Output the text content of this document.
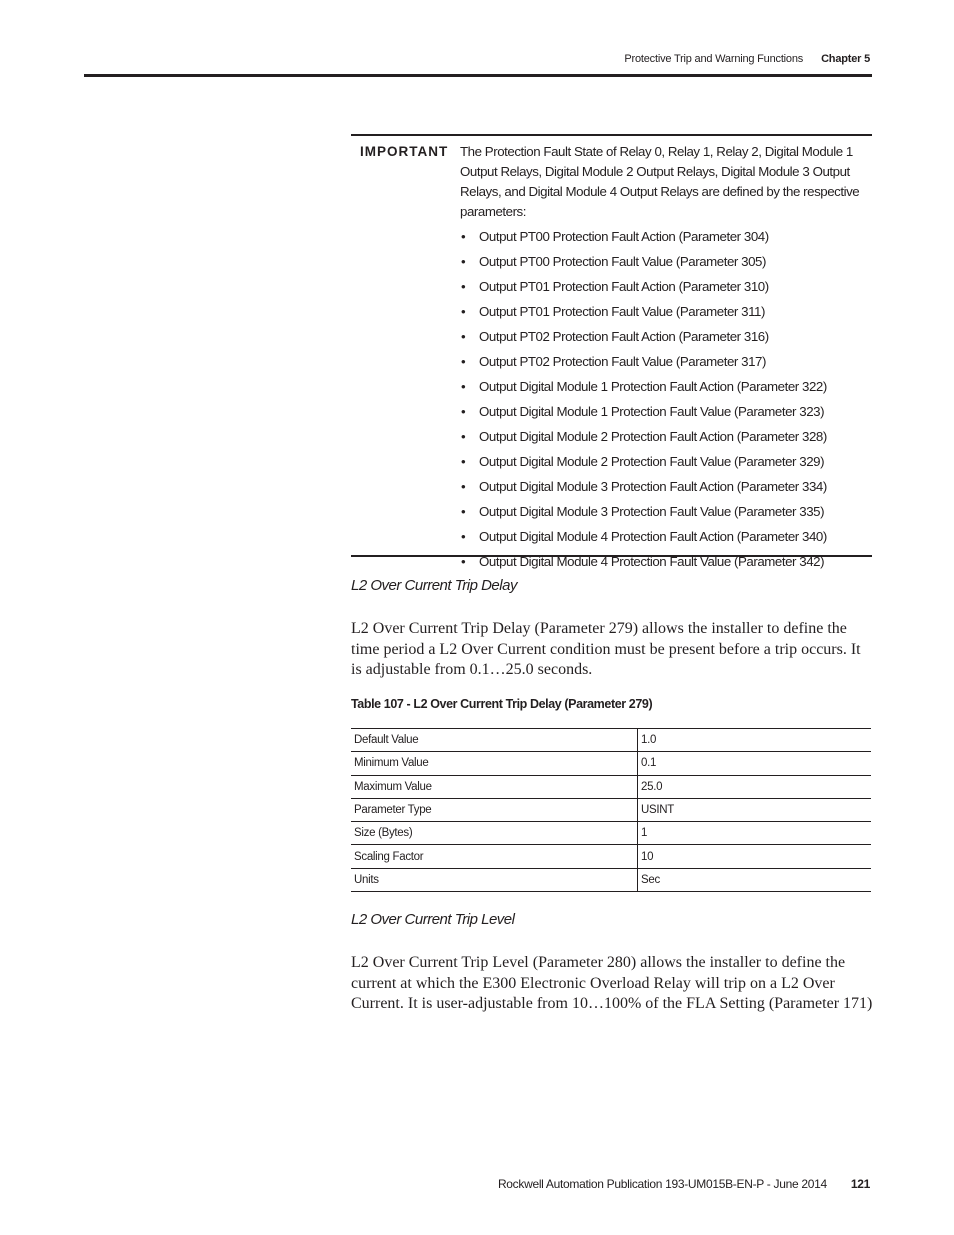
Protective Trip and Warning Functions Chapter 5
IMPORTANT The Protection Fault State of Relay 0, Relay 1, Relay 2, Digital Module 1 Output Relays, Digital Module 2 Output Relays, Digital Module 3 Output Relays, and Digital Module 4 Output Relays are defined by the respective parameters:

• Output PT00 Protection Fault Action (Parameter 304)
• Output PT00 Protection Fault Value (Parameter 305)
• Output PT01 Protection Fault Action (Parameter 310)
• Output PT01 Protection Fault Value (Parameter 311)
• Output PT02 Protection Fault Action (Parameter 316)
• Output PT02 Protection Fault Value (Parameter 317)
• Output Digital Module 1 Protection Fault Action (Parameter 322)
• Output Digital Module 1 Protection Fault Value (Parameter 323)
• Output Digital Module 2 Protection Fault Action (Parameter 328)
• Output Digital Module 2 Protection Fault Value (Parameter 329)
• Output Digital Module 3 Protection Fault Action (Parameter 334)
• Output Digital Module 3 Protection Fault Value (Parameter 335)
• Output Digital Module 4 Protection Fault Action (Parameter 340)
• Output Digital Module 4 Protection Fault Value (Parameter 342)
L2 Over Current Trip Delay

L2 Over Current Trip Delay (Parameter 279) allows the installer to define the time period a L2 Over Current condition must be present before a trip occurs. It is adjustable from 0.1…25.0 seconds.

Table 107 - L2 Over Current Trip Delay (Parameter 279)
Default Value	1.0
Minimum Value	0.1
Maximum Value	25.0
Parameter Type	USINT
Size (Bytes)	1
Scaling Factor	10
Units	Sec
L2 Over Current Trip Level

L2 Over Current Trip Level (Parameter 280) allows the installer to define the current at which the E300 Electronic Overload Relay will trip on a L2 Over Current. It is user-adjustable from 10…100% of the FLA Setting (Parameter 171)

Rockwell Automation Publication 193-UM015B-EN-P - June 2014 121
